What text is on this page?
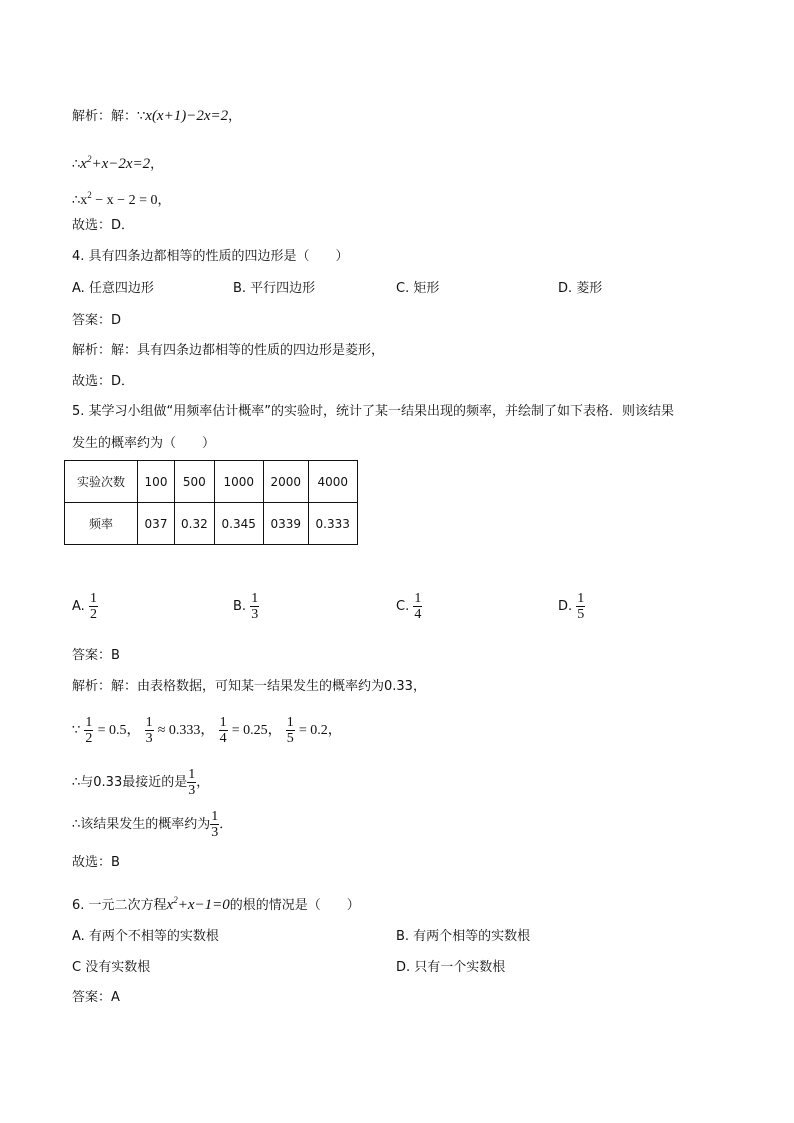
解析：解：∵x(x+1)−2x=2，
$\therefore x^2+x-2x=2$，
$\therefore x^2 - x - 2 = 0$，
故选：D．
4. 具有四条边都相等的性质的四边形是（　　）
A. 任意四边形	B. 平行四边形	C. 矩形	D. 菱形
答案：D
解析：解：具有四条边都相等的性质的四边形是菱形，
故选：D．
5. 某学习小组做“用频率估计概率”的实验时，统计了某一结果出现的频率，并绘制了如下表格．则该结果
发生的概率约为（　　）
实验次数	100	500	1000	2000	4000
频率	037	0.32	0.345	0339	0.333
A. $\frac{1}{2}$	B. $\frac{1}{3}$	C. $\frac{1}{4}$	D. $\frac{1}{5}$
答案：B
解析：解：由表格数据，可知某一结果发生的概率约为0.33，
∵ $\frac{1}{2} = 0.5$， $\frac{1}{3} \approx 0.333$， $\frac{1}{4} = 0.25$， $\frac{1}{5} = 0.2$，
∴与0.33最接近的是 $\frac{1}{3}$ ，
∴该结果发生的概率约为 $\frac{1}{3}$ ．
故选：B
6. 一元二次方程$x^2+x-1=0$的根的情况是（　　）
A. 有两个不相等的实数根	B. 有两个相等的实数根
C 没有实数根	D. 只有一个实数根
答案：A
